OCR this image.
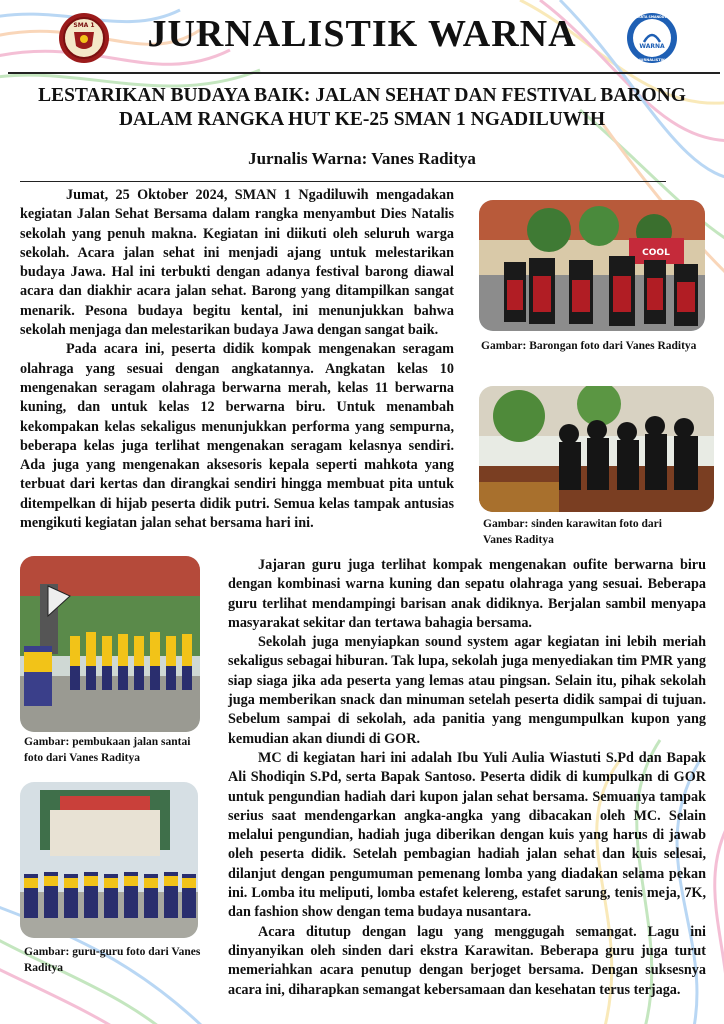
SMA 1	JURNALISTIK WARNA	WARNA
WARTA SMANDUWI
JURNALISTIK
LESTARIKAN BUDAYA BAIK: JALAN SEHAT DAN FESTIVAL BARONG
DALAM RANGKA HUT KE-25 SMAN 1 NGADILUWIH
Jurnalis Warna: Vanes Raditya

Jumat, 25 Oktober 2024, SMAN 1 Ngadiluwih mengadakan kegiatan Jalan Sehat Bersama dalam rangka menyambut Dies Natalis sekolah yang penuh makna. Kegiatan ini diikuti oleh seluruh warga sekolah. Acara jalan sehat ini menjadi ajang untuk melestarikan budaya Jawa. Hal ini terbukti dengan adanya festival barong diawal acara dan diakhir acara jalan sehat. Barong yang ditampilkan sangat menarik. Pesona budaya begitu kental, ini menunjukkan bahwa sekolah menjaga dan melestarikan budaya Jawa dengan sangat baik.

Pada acara ini, peserta didik kompak mengenakan seragam olahraga yang sesuai dengan angkatannya. Angkatan kelas 10 mengenakan seragam olahraga berwarna merah, kelas 11 berwarna kuning, dan untuk kelas 12 berwarna biru. Untuk menambah kekompakan kelas sekaligus menunjukkan performa yang sempurna, beberapa kelas juga terlihat mengenakan seragam kelasnya sendiri. Ada juga yang mengenakan aksesoris kepala seperti mahkota yang terbuat dari kertas dan dirangkai sendiri hingga membuat pita untuk ditempelkan di hijab peserta didik putri. Semua kelas tampak antusias mengikuti kegiatan jalan sehat bersama hari ini.

Jajaran guru juga terlihat kompak mengenakan oufite berwarna biru dengan kombinasi warna kuning dan sepatu olahraga yang sesuai. Beberapa guru terlihat mendampingi barisan anak didiknya. Berjalan sambil menyapa masyarakat sekitar dan tertawa bahagia bersama.

Sekolah juga menyiapkan sound system agar kegiatan ini lebih meriah sekaligus sebagai hiburan. Tak lupa, sekolah juga menyediakan tim PMR yang siap siaga jika ada peserta yang lemas atau pingsan. Selain itu, pihak sekolah juga memberikan snack dan minuman setelah peserta didik sampai di tujuan. Sebelum sampai di sekolah, ada panitia yang mengumpulkan kupon yang kemudian akan diundi di GOR.

MC di kegiatan hari ini adalah Ibu Yuli Aulia Wiastuti S.Pd dan Bapak Ali Shodiqin S.Pd, serta Bapak Santoso. Peserta didik di kumpulkan di GOR untuk pengundian hadiah dari kupon jalan sehat bersama. Semuanya tampak serius saat mendengarkan angka-angka yang dibacakan oleh MC. Selain melalui pengundian, hadiah juga diberikan dengan kuis yang harus di jawab oleh peserta didik. Setelah pembagian hadiah jalan sehat dan kuis selesai, dilanjut dengan pengumuman pemenang lomba yang diadakan selama pekan ini. Lomba itu meliputi, lomba estafet kelereng, estafet sarung, tenis meja, 7K, dan fashion show dengan tema budaya nusantara.

Acara ditutup dengan lagu yang menggugah semangat. Lagu ini dinyanyikan oleh sinden dari ekstra Karawitan. Beberapa guru juga turut memeriahkan acara penutup dengan berjoget bersama. Dengan suksesnya acara ini, diharapkan semangat kebersamaan dan kesehatan terus terjaga.

COOL
Gambar: Barongan foto dari Vanes Raditya
Gambar: sinden karawitan foto dari Vanes Raditya
Gambar: pembukaan jalan santai foto dari Vanes Raditya
Gambar: guru-guru foto dari Vanes Raditya
